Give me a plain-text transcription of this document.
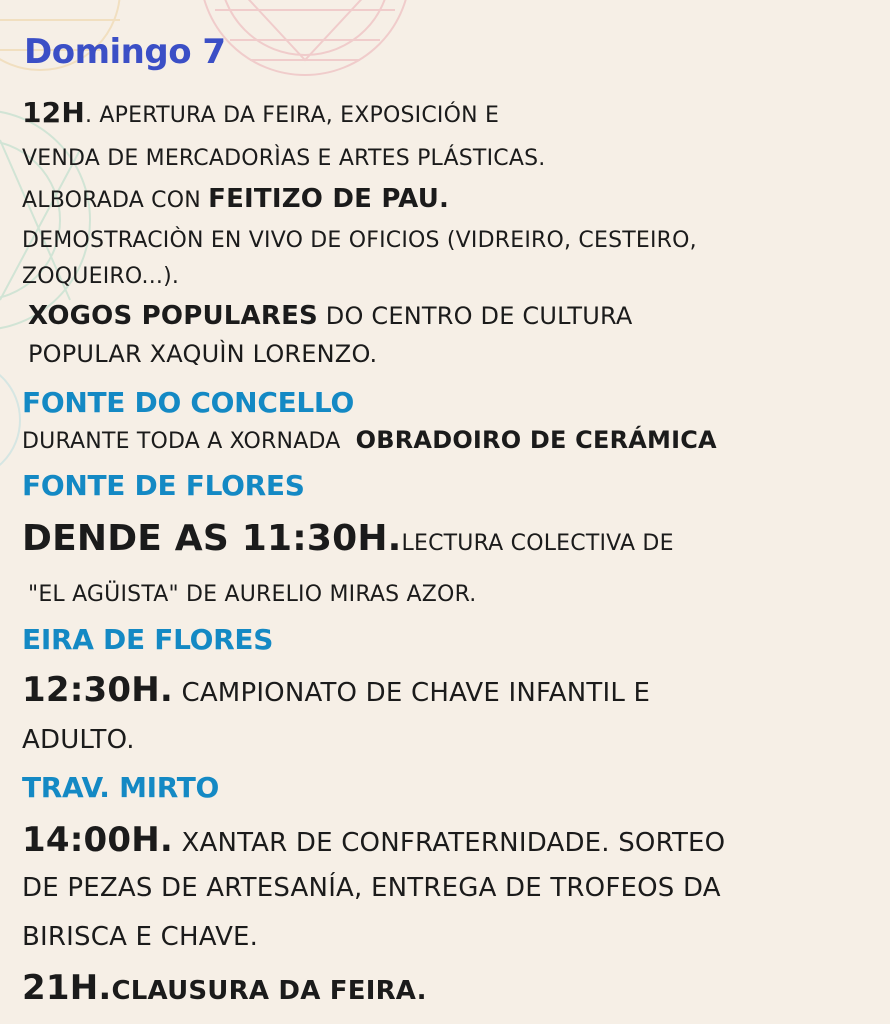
Domingo 7
12H. APERTURA DA FEIRA, EXPOSICIÓN E
VENDA DE MERCADORÌAS E ARTES PLÁSTICAS.
ALBORADA CON FEITIZO DE PAU.
DEMOSTRACIÒN EN VIVO DE OFICIOS (VIDREIRO, CESTEIRO,
ZOQUEIRO...).
XOGOS POPULARES DO CENTRO DE CULTURA
POPULAR XAQUÌN LORENZO.
FONTE DO CONCELLO
DURANTE TODA A XORNADA OBRADOIRO DE CERÁMICA
FONTE DE FLORES
DENDE AS 11:30H.LECTURA COLECTIVA DE
"EL AGÜISTA" DE AURELIO MIRAS AZOR.
EIRA DE FLORES
12:30H. CAMPIONATO DE CHAVE INFANTIL E
ADULTO.
TRAV. MIRTO
14:00H. XANTAR DE CONFRATERNIDADE. SORTEO
DE PEZAS DE ARTESANÍA, ENTREGA DE TROFEOS DA
BIRISCA E CHAVE.
21H.CLAUSURA DA FEIRA.
